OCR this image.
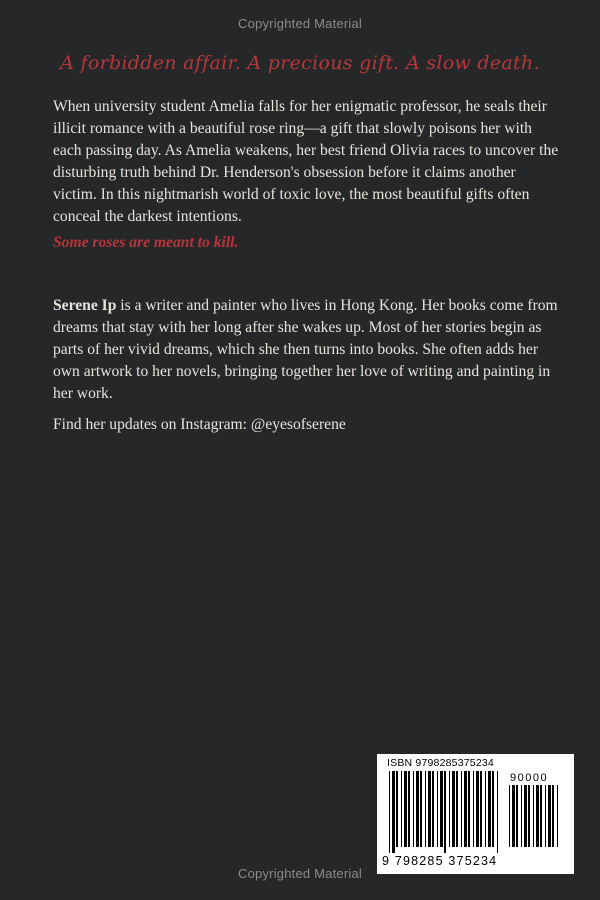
Copyrighted Material
A forbidden affair. A precious gift. A slow death.
When university student Amelia falls for her enigmatic professor, he seals their illicit romance with a beautiful rose ring—a gift that slowly poisons her with each passing day. As Amelia weakens, her best friend Olivia races to uncover the disturbing truth behind Dr. Henderson's obsession before it claims another victim. In this nightmarish world of toxic love, the most beautiful gifts often conceal the darkest intentions.
Some roses are meant to kill.
Serene Ip is a writer and painter who lives in Hong Kong. Her books come from dreams that stay with her long after she wakes up. Most of her stories begin as parts of her vivid dreams, which she then turns into books. She often adds her own artwork to her novels, bringing together her love of writing and painting in her work.
Find her updates on Instagram: @eyesofserene
ISBN 9798285375234
90000
9 798285 375234
Copyrighted Material
